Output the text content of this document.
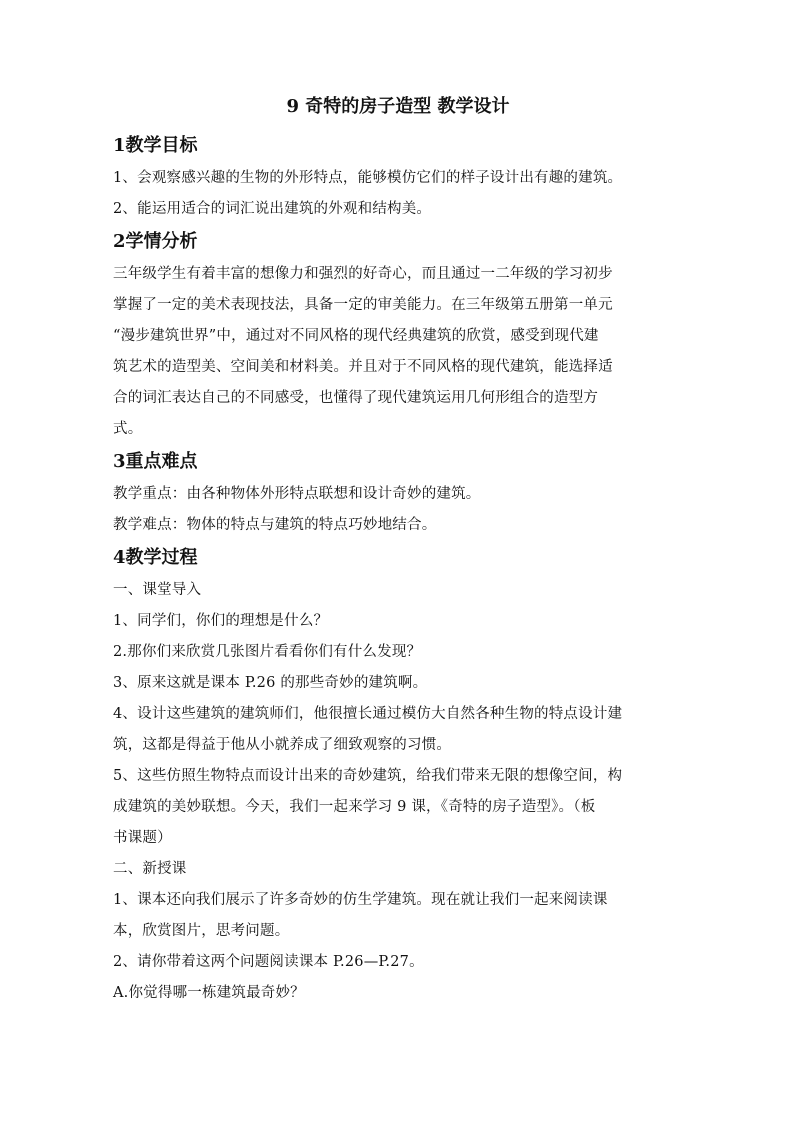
9 奇特的房子造型 教学设计
1教学目标
1、会观察感兴趣的生物的外形特点，能够模仿它们的样子设计出有趣的建筑。
2、能运用适合的词汇说出建筑的外观和结构美。
2学情分析
三年级学生有着丰富的想像力和强烈的好奇心，而且通过一二年级的学习初步
掌握了一定的美术表现技法，具备一定的审美能力。在三年级第五册第一单元
“漫步建筑世界”中，通过对不同风格的现代经典建筑的欣赏，感受到现代建
筑艺术的造型美、空间美和材料美。并且对于不同风格的现代建筑，能选择适
合的词汇表达自己的不同感受，也懂得了现代建筑运用几何形组合的造型方
式。
3重点难点
教学重点：由各种物体外形特点联想和设计奇妙的建筑。
教学难点：物体的特点与建筑的特点巧妙地结合。
4教学过程
一、课堂导入
1、同学们，你们的理想是什么？
2.那你们来欣赏几张图片看看你们有什么发现？
3、原来这就是课本 P.26 的那些奇妙的建筑啊。
4、设计这些建筑的建筑师们，他很擅长通过模仿大自然各种生物的特点设计建
筑，这都是得益于他从小就养成了细致观察的习惯。
5、这些仿照生物特点而设计出来的奇妙建筑，给我们带来无限的想像空间，构
成建筑的美妙联想。今天，我们一起来学习 9 课，《奇特的房子造型》。（板
书课题）
二、新授课
1、课本还向我们展示了许多奇妙的仿生学建筑。现在就让我们一起来阅读课
本，欣赏图片，思考问题。
2、请你带着这两个问题阅读课本 P.26—P.27。
A.你觉得哪一栋建筑最奇妙？
